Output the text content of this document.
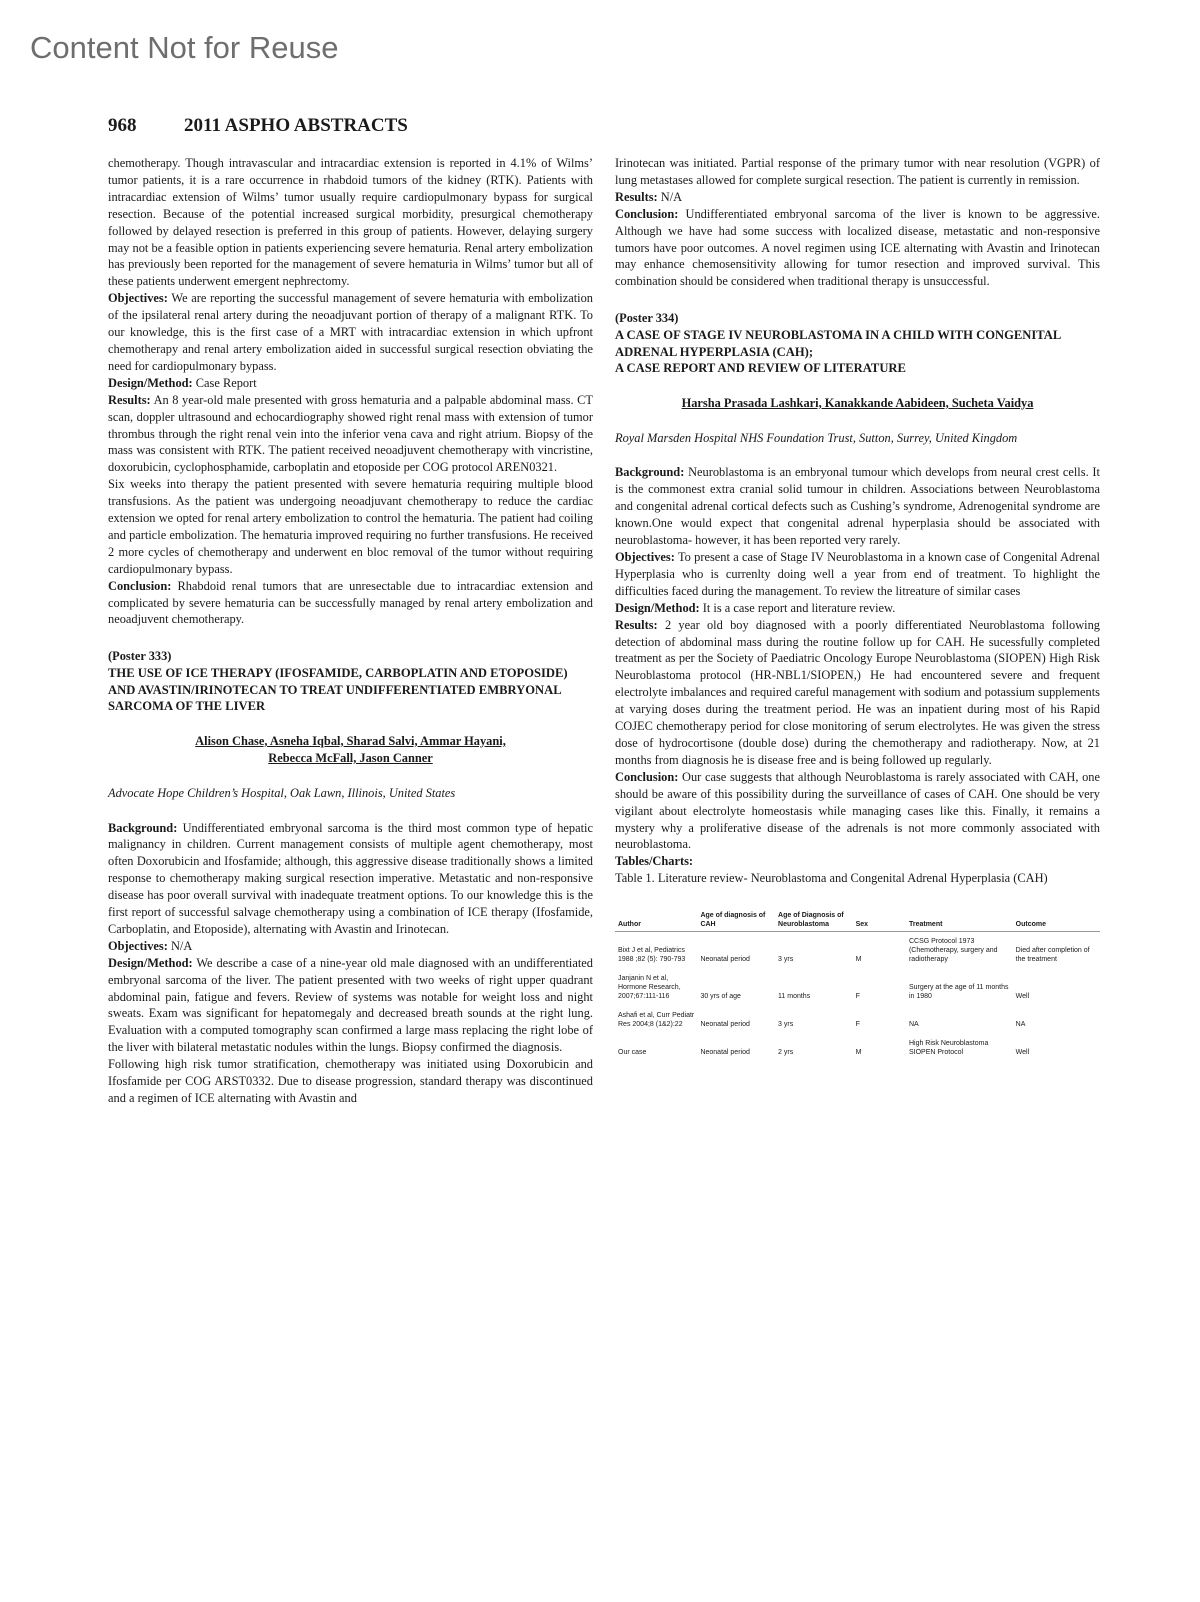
Content Not for Reuse
968	2011 ASPHO ABSTRACTS

chemotherapy. Though intravascular and intracardiac extension is reported in 4.1% of Wilms’ tumor patients, it is a rare occurrence in rhabdoid tumors of the kidney (RTK). Patients with intracardiac extension of Wilms’ tumor usually require cardiopulmonary bypass for surgical resection. Because of the potential increased surgical morbidity, presurgical chemotherapy followed by delayed resection is preferred in this group of patients. However, delaying surgery may not be a feasible option in patients experiencing severe hematuria. Renal artery embolization has previously been reported for the management of severe hematuria in Wilms’ tumor but all of these patients underwent emergent nephrectomy.

Objectives: We are reporting the successful management of severe hematuria with embolization of the ipsilateral renal artery during the neoadjuvant portion of therapy of a malignant RTK. To our knowledge, this is the first case of a MRT with intracardiac extension in which upfront chemotherapy and renal artery embolization aided in successful surgical resection obviating the need for cardiopulmonary bypass.

Design/Method: Case Report

Results: An 8 year-old male presented with gross hematuria and a palpable abdominal mass. CT scan, doppler ultrasound and echocardiography showed right renal mass with extension of tumor thrombus through the right renal vein into the inferior vena cava and right atrium. Biopsy of the mass was consistent with RTK. The patient received neoadjuvent chemotherapy with vincristine, doxorubicin, cyclophosphamide, carboplatin and etoposide per COG protocol AREN0321.

Six weeks into therapy the patient presented with severe hematuria requiring multiple blood transfusions. As the patient was undergoing neoadjuvant chemotherapy to reduce the cardiac extension we opted for renal artery embolization to control the hematuria. The patient had coiling and particle embolization. The hematuria improved requiring no further transfusions. He received 2 more cycles of chemotherapy and underwent en bloc removal of the tumor without requiring cardiopulmonary bypass.

Conclusion: Rhabdoid renal tumors that are unresectable due to intracardiac extension and complicated by severe hematuria can be successfully managed by renal artery embolization and neoadjuvent chemotherapy.

(Poster 333)

THE USE OF ICE THERAPY (IFOSFAMIDE, CARBOPLATIN AND ETOPOSIDE) AND AVASTIN/IRINOTECAN TO TREAT UNDIFFERENTIATED EMBRYONAL SARCOMA OF THE LIVER

Alison Chase, Asneha Iqbal, Sharad Salvi, Ammar Hayani,
Rebecca McFall, Jason Canner

Advocate Hope Children’s Hospital, Oak Lawn, Illinois, United States

Background: Undifferentiated embryonal sarcoma is the third most common type of hepatic malignancy in children. Current management consists of multiple agent chemotherapy, most often Doxorubicin and Ifosfamide; although, this aggressive disease traditionally shows a limited response to chemotherapy making surgical resection imperative. Metastatic and non-responsive disease has poor overall survival with inadequate treatment options. To our knowledge this is the first report of successful salvage chemotherapy using a combination of ICE therapy (Ifosfamide, Carboplatin, and Etoposide), alternating with Avastin and Irinotecan.

Objectives: N/A

Design/Method: We describe a case of a nine-year old male diagnosed with an undifferentiated embryonal sarcoma of the liver. The patient presented with two weeks of right upper quadrant abdominal pain, fatigue and fevers. Review of systems was notable for weight loss and night sweats. Exam was significant for hepatomegaly and decreased breath sounds at the right lung. Evaluation with a computed tomography scan confirmed a large mass replacing the right lobe of the liver with bilateral metastatic nodules within the lungs. Biopsy confirmed the diagnosis.

Following high risk tumor stratification, chemotherapy was initiated using Doxorubicin and Ifosfamide per COG ARST0332. Due to disease progression, standard therapy was discontinued and a regimen of ICE alternating with Avastin and

Irinotecan was initiated. Partial response of the primary tumor with near resolution (VGPR) of lung metastases allowed for complete surgical resection. The patient is currently in remission.

Results: N/A

Conclusion: Undifferentiated embryonal sarcoma of the liver is known to be aggressive. Although we have had some success with localized disease, metastatic and non-responsive tumors have poor outcomes. A novel regimen using ICE alternating with Avastin and Irinotecan may enhance chemosensitivity allowing for tumor resection and improved survival. This combination should be considered when traditional therapy is unsuccessful.

(Poster 334)

A CASE OF STAGE IV NEUROBLASTOMA IN A CHILD WITH CONGENITAL ADRENAL HYPERPLASIA (CAH);
A CASE REPORT AND REVIEW OF LITERATURE

Harsha Prasada Lashkari, Kanakkande Aabideen, Sucheta Vaidya

Royal Marsden Hospital NHS Foundation Trust, Sutton, Surrey, United Kingdom

Background: Neuroblastoma is an embryonal tumour which develops from neural crest cells. It is the commonest extra cranial solid tumour in children. Associations between Neuroblastoma and congenital adrenal cortical defects such as Cushing’s syndrome, Adrenogenital syndrome are known.One would expect that congenital adrenal hyperplasia should be associated with neuroblastoma- however, it has been reported very rarely.

Objectives: To present a case of Stage IV Neuroblastoma in a known case of Congenital Adrenal Hyperplasia who is currenlty doing well a year from end of treatment. To highlight the difficulties faced during the management. To review the litreature of similar cases

Design/Method: It is a case report and literature review.

Results: 2 year old boy diagnosed with a poorly differentiated Neuroblastoma following detection of abdominal mass during the routine follow up for CAH. He sucessfully completed treatment as per the Society of Paediatric Oncology Europe Neuroblastoma (SIOPEN) High Risk Neuroblastoma protocol (HR-NBL1/SIOPEN,) He had encountered severe and frequent electrolyte imbalances and required careful management with sodium and potassium supplements at varying doses during the treatment period. He was an inpatient during most of his Rapid COJEC chemotherapy period for close monitoring of serum electrolytes. He was given the stress dose of hydrocortisone (double dose) during the chemotherapy and radiotherapy. Now, at 21 months from diagnosis he is disease free and is being followed up regularly.

Conclusion: Our case suggests that although Neuroblastoma is rarely associated with CAH, one should be aware of this possibility during the surveillance of cases of CAH. One should be very vigilant about electrolyte homeostasis while managing cases like this. Finally, it remains a mystery why a proliferative disease of the adrenals is not more commonly associated with neuroblastoma.

Tables/Charts:

Table 1. Literature review- Neuroblastoma and Congenital Adrenal Hyperplasia (CAH)

Author	Age of diagnosis of CAH	Age of Diagnosis of Neuroblastoma	Sex	Treatment	Outcome
Bixt J et al, Pediatrics 1988 ;82 (5): 790-793	Neonatal period	3 yrs	M	CCSG Protocol 1973 (Chemotherapy, surgery and radiotherapy	Died after completion of the treatment
Janjanin N et al, Hormone Research, 2007;67:111-116	30 yrs of age	11 months	F	Surgery at the age of 11 months in 1980	Well
Ashafi et al, Curr Pediatr Res 2004;8 (1&2):22	Neonatal period	3 yrs	F	NA	NA
Our case	Neonatal period	2 yrs	M	High Risk Neuroblastoma SIOPEN Protocol	Well
